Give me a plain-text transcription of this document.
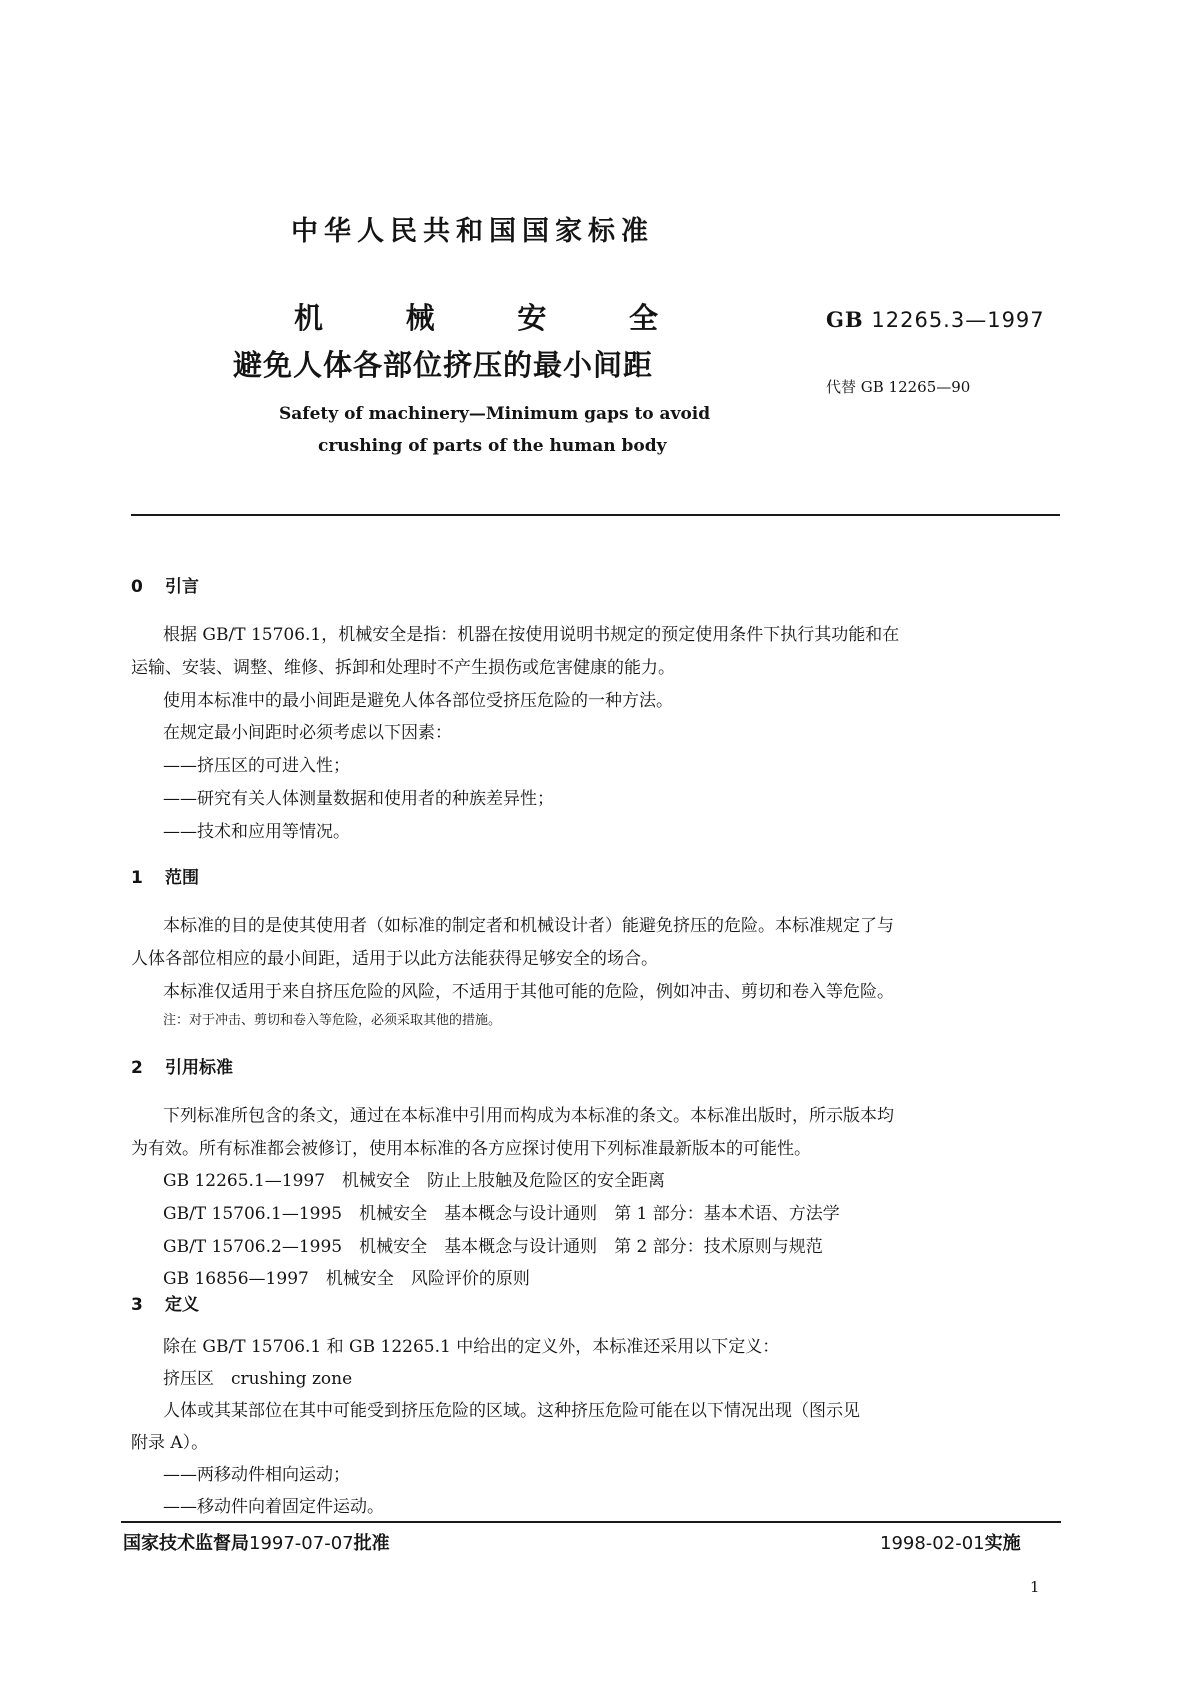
中华人民共和国国家标准
机	械	安	全
避免人体各部位挤压的最小间距
Safety of machinery—Minimum gaps to avoid
crushing of parts of the human body
GB 12265.3—1997
代替 GB 12265—90
0 引言
根据 GB/T 15706.1，机械安全是指：机器在按使用说明书规定的预定使用条件下执行其功能和在
运输、安装、调整、维修、拆卸和处理时不产生损伤或危害健康的能力。
使用本标准中的最小间距是避免人体各部位受挤压危险的一种方法。
在规定最小间距时必须考虑以下因素：
——挤压区的可进入性；
——研究有关人体测量数据和使用者的种族差异性；
——技术和应用等情况。
1 范围
本标准的目的是使其使用者（如标准的制定者和机械设计者）能避免挤压的危险。本标准规定了与
人体各部位相应的最小间距，适用于以此方法能获得足够安全的场合。
本标准仅适用于来自挤压危险的风险，不适用于其他可能的危险，例如冲击、剪切和卷入等危险。
注：对于冲击、剪切和卷入等危险，必须采取其他的措施。
2 引用标准
下列标准所包含的条文，通过在本标准中引用而构成为本标准的条文。本标准出版时，所示版本均
为有效。所有标准都会被修订，使用本标准的各方应探讨使用下列标准最新版本的可能性。
GB 12265.1—1997　机械安全　防止上肢触及危险区的安全距离
GB/T 15706.1—1995　机械安全　基本概念与设计通则　第 1 部分：基本术语、方法学
GB/T 15706.2—1995　机械安全　基本概念与设计通则　第 2 部分：技术原则与规范
GB 16856—1997　机械安全　风险评价的原则
3 定义
除在 GB/T 15706.1 和 GB 12265.1 中给出的定义外，本标准还采用以下定义：
挤压区　crushing zone
人体或其某部位在其中可能受到挤压危险的区域。这种挤压危险可能在以下情况出现（图示见
附录 A）。
——两移动件相向运动；
——移动件向着固定件运动。
国家技术监督局1997-07-07批准	1998-02-01实施
1
